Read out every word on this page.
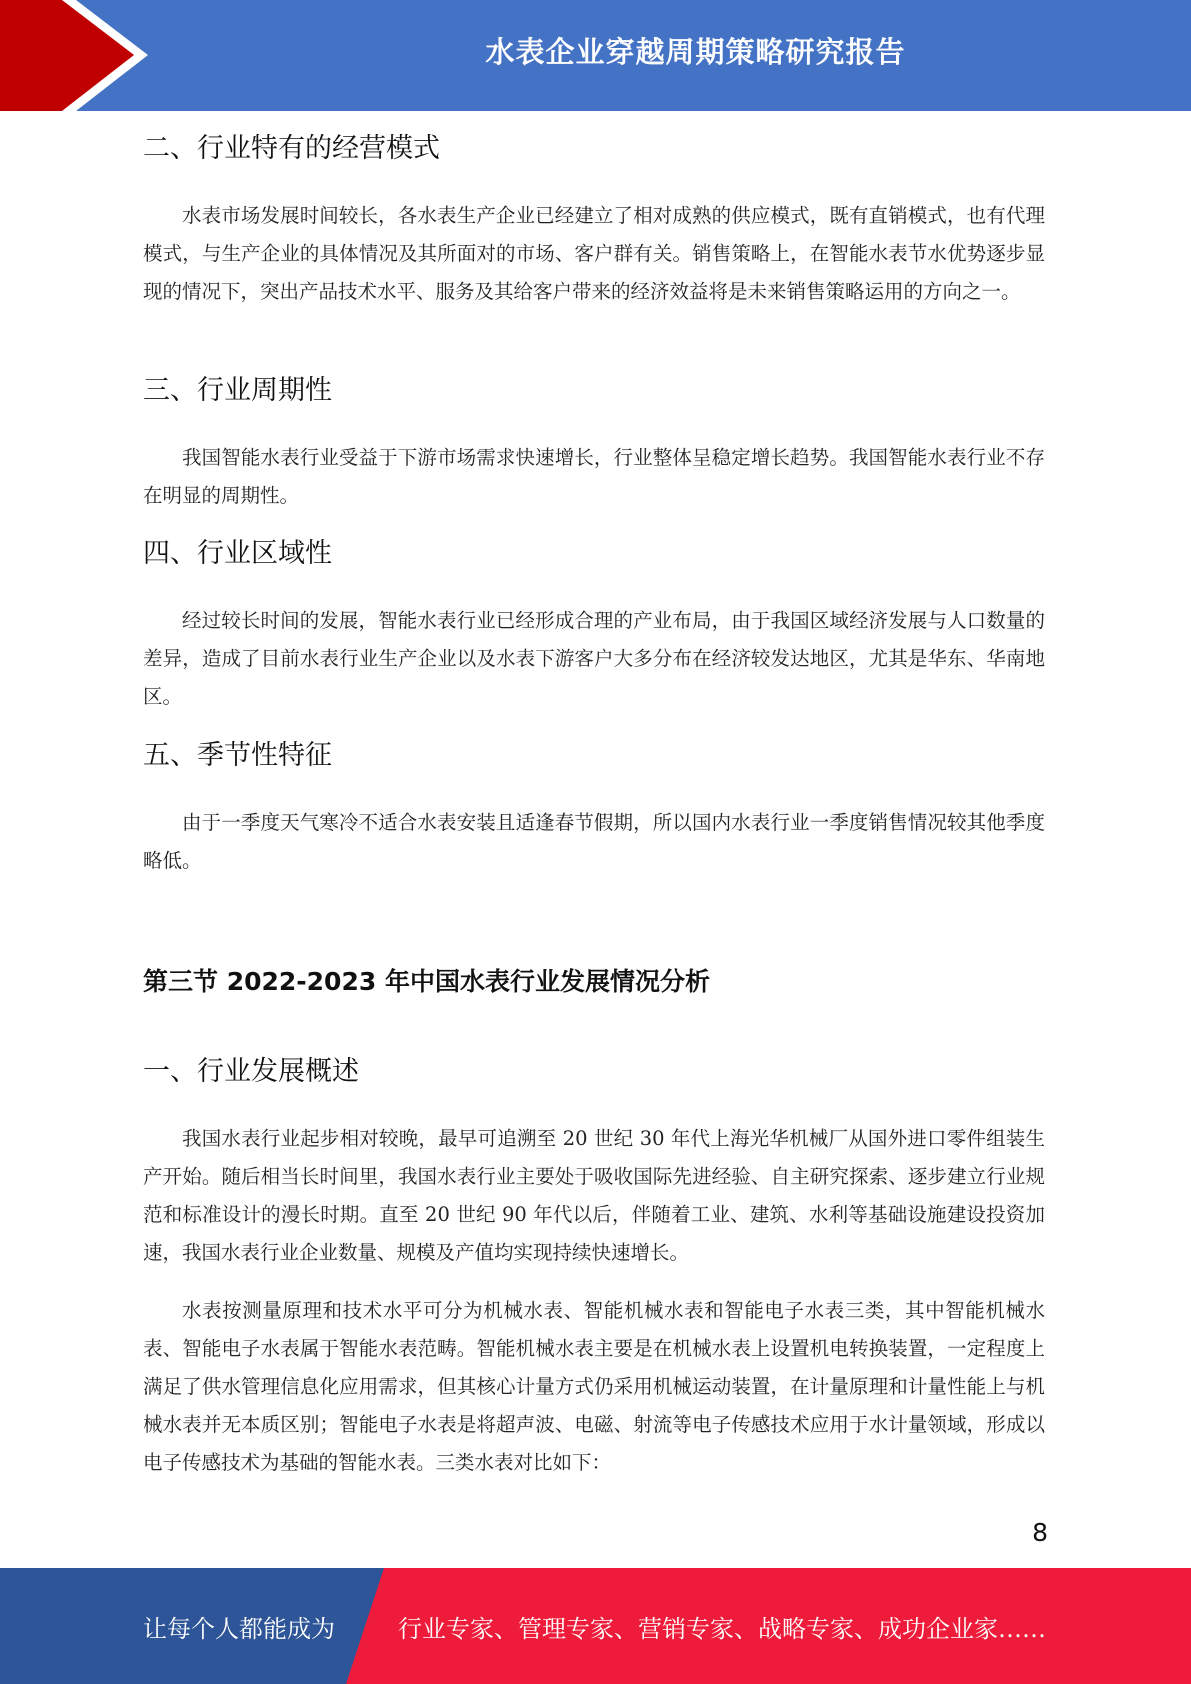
水表企业穿越周期策略研究报告
二、行业特有的经营模式

水表市场发展时间较长，各水表生产企业已经建立了相对成熟的供应模式，既有直销模式，也有代理模式，与生产企业的具体情况及其所面对的市场、客户群有关。销售策略上，在智能水表节水优势逐步显现的情况下，突出产品技术水平、服务及其给客户带来的经济效益将是未来销售策略运用的方向之一。

三、行业周期性

我国智能水表行业受益于下游市场需求快速增长，行业整体呈稳定增长趋势。我国智能水表行业不存在明显的周期性。

四、行业区域性

经过较长时间的发展，智能水表行业已经形成合理的产业布局，由于我国区域经济发展与人口数量的差异，造成了目前水表行业生产企业以及水表下游客户大多分布在经济较发达地区，尤其是华东、华南地区。

五、季节性特征

由于一季度天气寒冷不适合水表安装且适逢春节假期，所以国内水表行业一季度销售情况较其他季度略低。

第三节 2022-2023 年中国水表行业发展情况分析
一、行业发展概述

我国水表行业起步相对较晚，最早可追溯至 20 世纪 30 年代上海光华机械厂从国外进口零件组装生产开始。随后相当长时间里，我国水表行业主要处于吸收国际先进经验、自主研究探索、逐步建立行业规范和标准设计的漫长时期。直至 20 世纪 90 年代以后，伴随着工业、建筑、水利等基础设施建设投资加速，我国水表行业企业数量、规模及产值均实现持续快速增长。

水表按测量原理和技术水平可分为机械水表、智能机械水表和智能电子水表三类，其中智能机械水表、智能电子水表属于智能水表范畴。智能机械水表主要是在机械水表上设置机电转换装置，一定程度上满足了供水管理信息化应用需求，但其核心计量方式仍采用机械运动装置，在计量原理和计量性能上与机械水表并无本质区别；智能电子水表是将超声波、电磁、射流等电子传感技术应用于水计量领域，形成以电子传感技术为基础的智能水表。三类水表对比如下：

8
让每个人都能成为	行业专家、管理专家、营销专家、战略专家、成功企业家……
